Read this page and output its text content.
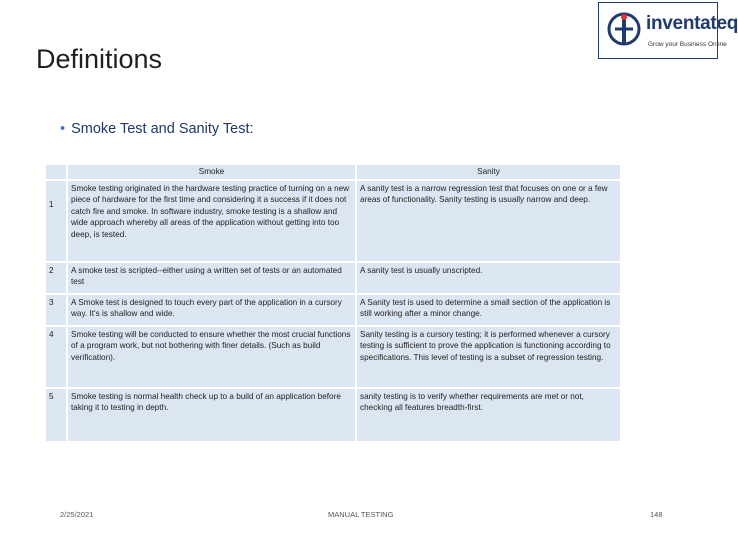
Definitions
inventateq
Grow your Business Online
• Smoke Test and Sanity Test:
	Smoke	Sanity
1	Smoke testing originated in the hardware testing practice of turning on a new piece of hardware for the first time and considering it a success if it does not catch fire and smoke. In software industry, smoke testing is a shallow and wide approach whereby all areas of the application without getting into too deep, is tested.	A sanity test is a narrow regression test that focuses on one or a few areas of functionality. Sanity testing is usually narrow and deep.
2	A smoke test is scripted--either using a written set of tests or an automated test	A sanity test is usually unscripted.
3	A Smoke test is designed to touch every part of the application in a cursory way. It's is shallow and wide.	A Sanity test is used to determine a small section of the application is still working after a minor change.
4	Smoke testing will be conducted to ensure whether the most crucial functions of a program work, but not bothering with finer details. (Such as build verification).	Sanity testing is a cursory testing; it is performed whenever a cursory testing is sufficient to prove the application is functioning according to specifications. This level of testing is a subset of regression testing.
5	Smoke testing is normal health check up to a build of an application before taking it to testing in depth.	sanity testing is to verify whether requirements are met or not,
checking all features breadth-first.
2/25/2021	MANUAL TESTING	148
